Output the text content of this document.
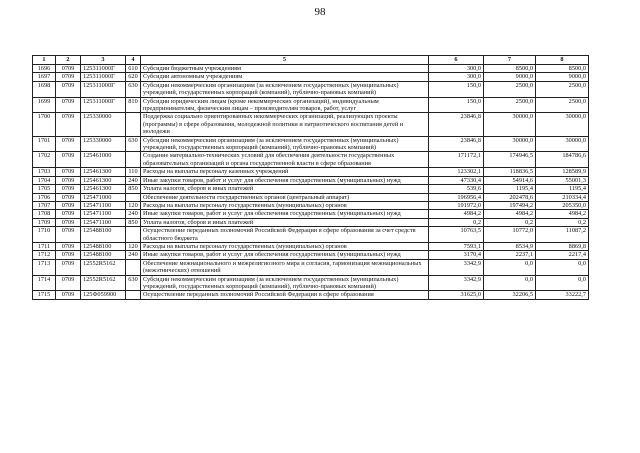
98
1	2	3	4	5	6	7	8
1696	0709	125311000Г	610	Субсидии бюджетным учреждениям	300,0	8500,0	8500,0
1697	0709	125311000Г	620	Субсидии автономным учреждениям	300,0	9000,0	9000,0
1698	0709	125311000Г	630	Субсидии некоммерческим организациям (за исключением государственных (муниципальных) учреждений, государственных корпораций (компаний), публично-правовых компаний)	150,0	2500,0	2500,0
1699	0709	125311000Г	810	Субсидии юридическим лицам (кроме некоммерческих организаций), индивидуальным предпринимателям, физическим лицам – производителям товаров, работ, услуг	150,0	2500,0	2500,0
1700	0709	125330000		Поддержка социально ориентированных некоммерческих организаций, реализующих проекты (программы) в сфере образования, молодежной политики и патриотического воспитания детей и молодежи	23846,8	30000,0	30000,0
1701	0709	125330000	630	Субсидии некоммерческим организациям (за исключением государственных (муниципальных) учреждений, государственных корпораций (компаний), публично-правовых компаний)	23846,8	30000,0	30000,0
1702	0709	125461000		Создание материально-технических условий для обеспечения деятельности государственных образовательных организаций и органа государственной власти в сфере образования	171172,1	174946,5	184786,6
1703	0709	125461300	110	Расходы на выплаты персоналу казенных учреждений	123302,1	118836,5	128589,9
1704	0709	125461300	240	Иные закупки товаров, работ и услуг для обеспечения государственных (муниципальных) нужд	47330,4	54914,6	55001,3
1705	0709	125461300	850	Уплата налогов, сборов и иных платежей	539,6	1195,4	1195,4
1706	0709	125471000		Обеспечение деятельности государственных органов (центральный аппарат)	196956,4	202478,6	210334,4
1707	0709	125471100	120	Расходы на выплаты персоналу государственных (муниципальных) органов	191972,0	197494,2	205350,0
1708	0709	125471100	240	Иные закупки товаров, работ и услуг для обеспечения государственных (муниципальных) нужд	4984,2	4984,2	4984,2
1709	0709	125471100	850	Уплата налогов, сборов и иных платежей	0,2	0,2	0,2
1710	0709	125488100		Осуществление переданных полномочий Российской Федерации в сфере образования за счет средств областного бюджета	10763,5	10772,0	11087,2
1711	0709	125488100	120	Расходы на выплаты персоналу государственных (муниципальных) органов	7593,1	8534,9	8869,8
1712	0709	125488100	240	Иные закупки товаров, работ и услуг для обеспечения государственных (муниципальных) нужд	3170,4	2237,1	2217,4
1713	0709	12552R5162		Обеспечение межнационального и межрелигиозного мира и согласия, гармонизация межнациональных (межэтнических) отношений	3342,9	0,0	0,0
1714	0709	12552R5162	630	Субсидии некоммерческим организациям (за исключением государственных (муниципальных) учреждений, государственных корпораций (компаний), публично-правовых компаний)	3342,9	0,0	0,0
1715	0709	125Ф059900		Осуществление переданных полномочий Российской Федерации в сфере образования	31625,0	32206,5	33222,7
